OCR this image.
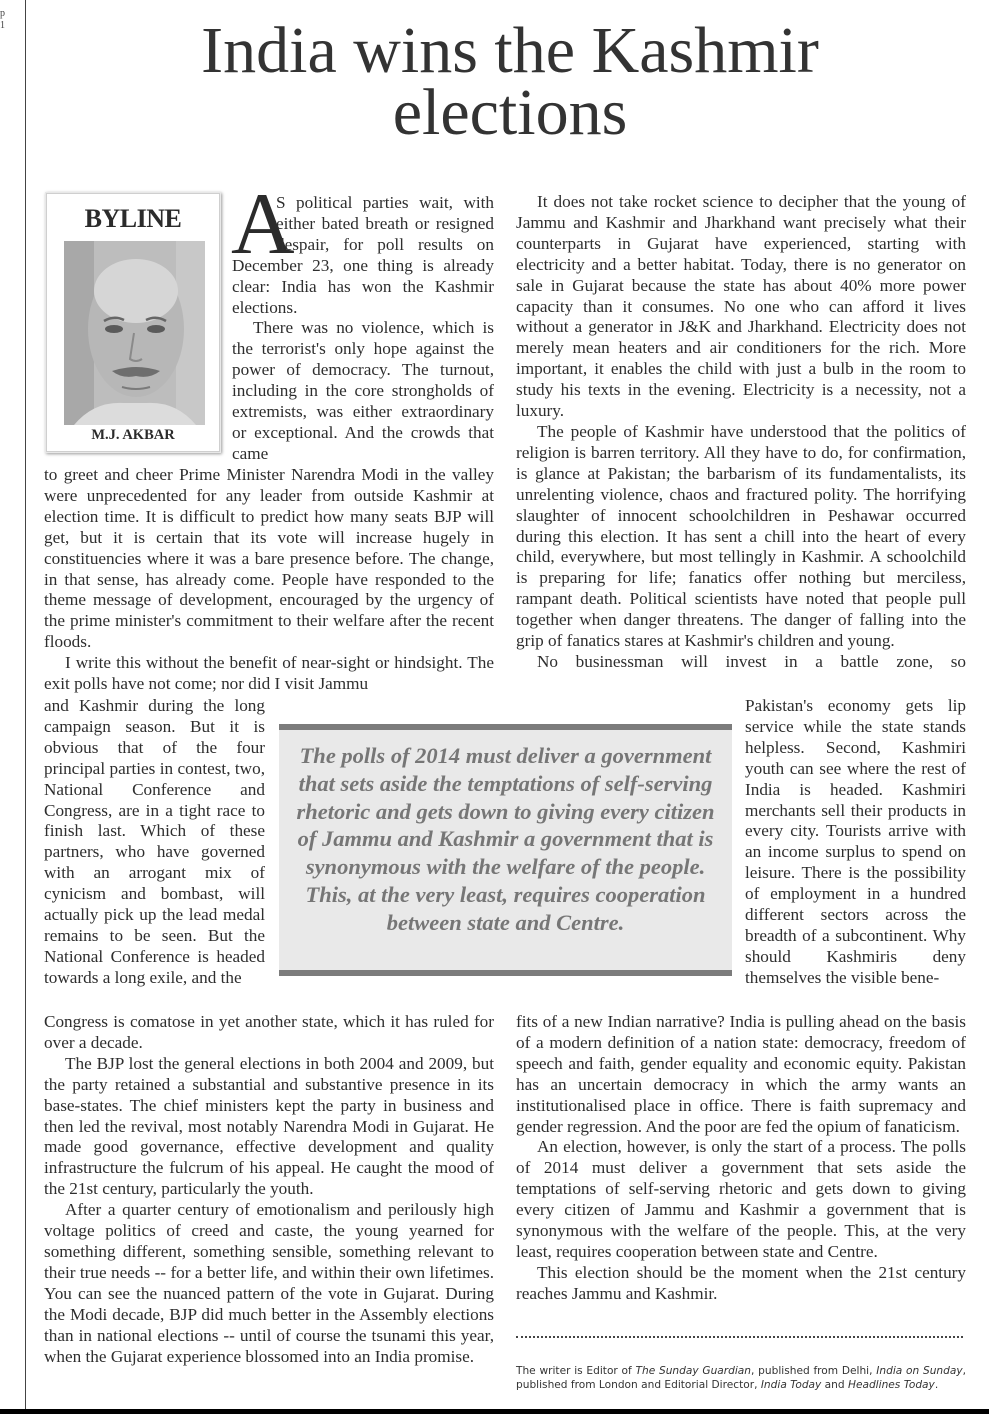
p
1	India wins the Kashmir elections
BYLINE
M.J. AKBAR
A

S political parties wait, with either bated breath or resigned despair, for poll results on December 23, one thing is already clear: India has won the Kashmir elections.

There was no violence, which is the terrorist's only hope against the power of democracy. The turnout, including in the core strongholds of extremists, was either extraordinary or exceptional. And the crowds that came

to greet and cheer Prime Minister Narendra Modi in the valley were unprecedented for any leader from outside Kashmir at election time. It is difficult to predict how many seats BJP will get, but it is certain that its vote will increase hugely in constituencies where it was a bare presence before. The change, in that sense, has already come. People have responded to the theme message of development, encouraged by the urgency of the prime minister's commitment to their welfare after the recent floods.

I write this without the benefit of near-sight or hindsight. The exit polls have not come; nor did I visit Jammu

and Kashmir during the long campaign season. But it is obvious that of the four principal parties in contest, two, National Conference and Congress, are in a tight race to finish last. Which of these partners, who have governed with an arrogant mix of cynicism and bombast, will actually pick up the lead medal remains to be seen. But the National Conference is headed towards a long exile, and the

Congress is comatose in yet another state, which it has ruled for over a decade.

The BJP lost the general elections in both 2004 and 2009, but the party retained a substantial and substantive presence in its base-states. The chief ministers kept the party in business and then led the revival, most notably Narendra Modi in Gujarat. He made good governance, effective development and quality infrastructure the fulcrum of his appeal. He caught the mood of the 21st century, particularly the youth.

After a quarter century of emotionalism and perilously high voltage politics of creed and caste, the young yearned for something different, something sensible, something relevant to their true needs -- for a better life, and within their own lifetimes. You can see the nuanced pattern of the vote in Gujarat. During the Modi decade, BJP did much better in the Assembly elections than in national elections -- until of course the tsunami this year, when the Gujarat experience blossomed into an India promise.

It does not take rocket science to decipher that the young of Jammu and Kashmir and Jharkhand want precisely what their counterparts in Gujarat have experienced, starting with electricity and a better habitat. Today, there is no generator on sale in Gujarat because the state has about 40% more power capacity than it consumes. No one who can afford it lives without a generator in J&K and Jharkhand. Electricity does not merely mean heaters and air conditioners for the rich. More important, it enables the child with just a bulb in the room to study his texts in the evening. Electricity is a necessity, not a luxury.

The people of Kashmir have understood that the politics of religion is barren territory. All they have to do, for confirmation, is glance at Pakistan; the barbarism of its fundamentalists, its unrelenting violence, chaos and fractured polity. The horrifying slaughter of innocent schoolchildren in Peshawar occurred during this election. It has sent a chill into the heart of every child, everywhere, but most tellingly in Kashmir. A schoolchild is preparing for life; fanatics offer nothing but merciless, rampant death. Political scientists have noted that people pull together when danger threatens. The danger of falling into the grip of fanatics stares at Kashmir's children and young.

No businessman will invest in a battle zone, so

Pakistan's economy gets lip service while the state stands helpless. Second, Kashmiri youth can see where the rest of India is headed. Kashmiri merchants sell their products in every city. Tourists arrive with an income surplus to spend on leisure. There is the possibility of employment in a hundred different sectors across the breadth of a subcontinent. Why should Kashmiris deny themselves the visible bene-

fits of a new Indian narrative? India is pulling ahead on the basis of a modern definition of a nation state: democracy, freedom of speech and faith, gender equality and economic equity. Pakistan has an uncertain democracy in which the army wants an institutionalised place in office. There is faith supremacy and gender regression. And the poor are fed the opium of fanaticism.

An election, however, is only the start of a process. The polls of 2014 must deliver a government that sets aside the temptations of self-serving rhetoric and gets down to giving every citizen of Jammu and Kashmir a government that is synonymous with the welfare of the people. This, at the very least, requires cooperation between state and Centre.

This election should be the moment when the 21st century reaches Jammu and Kashmir.

The polls of 2014 must deliver a government that sets aside the temptations of self-serving rhetoric and gets down to giving every citizen of Jammu and Kashmir a government that is synonymous with the welfare of the people. This, at the very least, requires cooperation between state and Centre.
The writer is Editor of The Sunday Guardian, published from Delhi, India on Sunday, published from London and Editorial Director, India Today and Headlines Today.
